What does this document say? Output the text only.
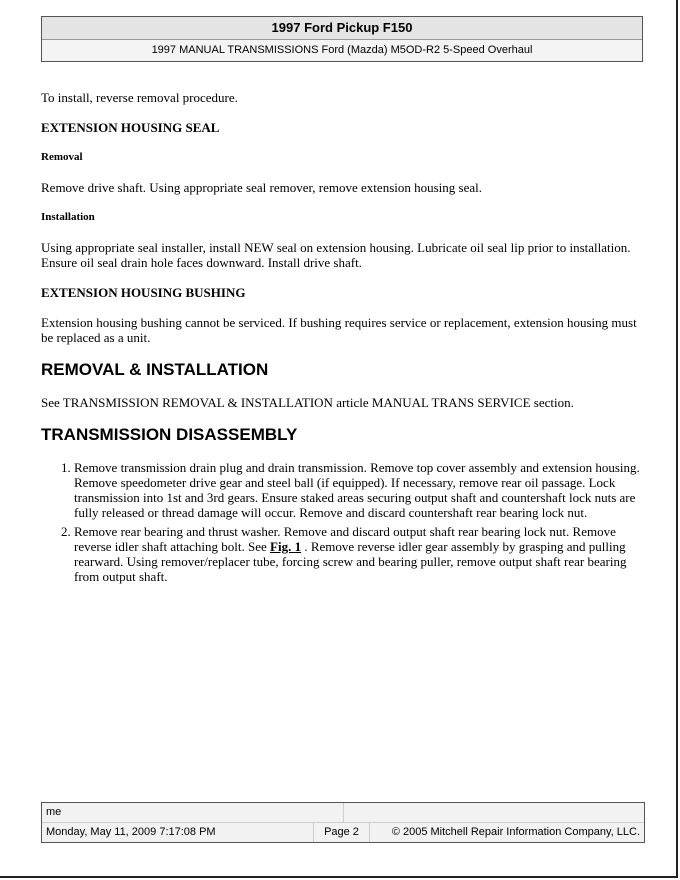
1997 Ford Pickup F150
1997 MANUAL TRANSMISSIONS Ford (Mazda) M5OD-R2 5-Speed Overhaul

To install, reverse removal procedure.

EXTENSION HOUSING SEAL

Removal

Remove drive shaft. Using appropriate seal remover, remove extension housing seal.

Installation

Using appropriate seal installer, install NEW seal on extension housing. Lubricate oil seal lip prior to installation. Ensure oil seal drain hole faces downward. Install drive shaft.

EXTENSION HOUSING BUSHING

Extension housing bushing cannot be serviced. If bushing requires service or replacement, extension housing must be replaced as a unit.

REMOVAL & INSTALLATION

See TRANSMISSION REMOVAL & INSTALLATION article MANUAL TRANS SERVICE section.

TRANSMISSION DISASSEMBLY

1. Remove transmission drain plug and drain transmission. Remove top cover assembly and extension housing. Remove speedometer drive gear and steel ball (if equipped). If necessary, remove rear oil passage. Lock transmission into 1st and 3rd gears. Ensure staked areas securing output shaft and countershaft lock nuts are fully released or thread damage will occur. Remove and discard countershaft rear bearing lock nut.
2. Remove rear bearing and thrust washer. Remove and discard output shaft rear bearing lock nut. Remove reverse idler shaft attaching bolt. See Fig. 1 . Remove reverse idler gear assembly by grasping and pulling rearward. Using remover/replacer tube, forcing screw and bearing puller, remove output shaft rear bearing from output shaft.
me
Monday, May 11, 2009 7:17:08 PM	Page 2	© 2005 Mitchell Repair Information Company, LLC.
